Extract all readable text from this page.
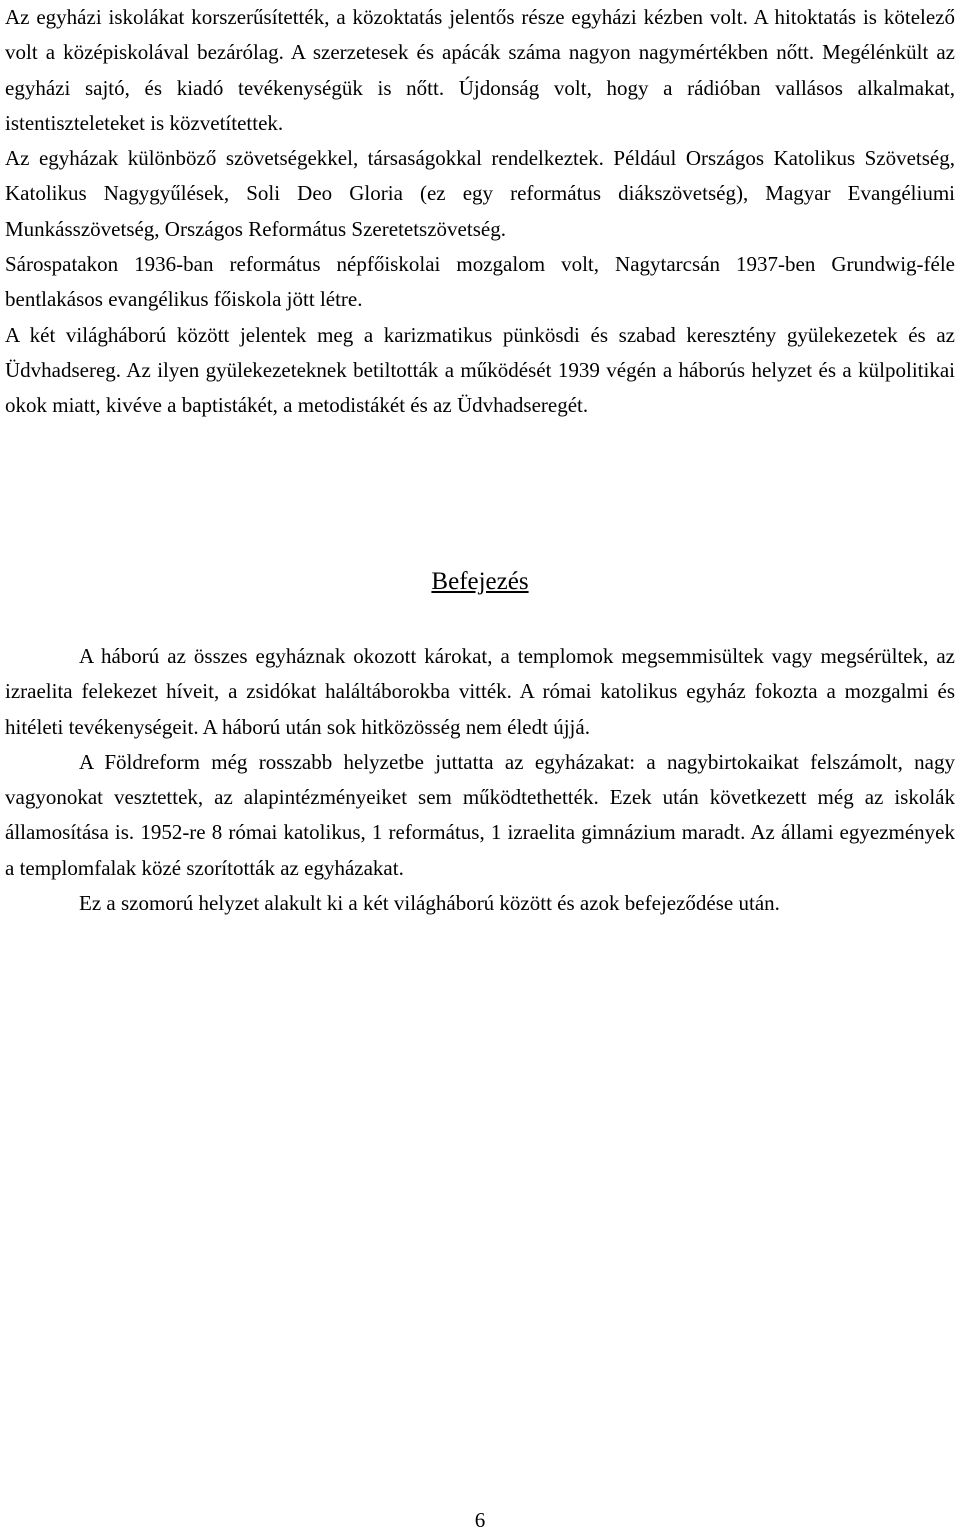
Az egyházi iskolákat korszerűsítették, a közoktatás jelentős része egyházi kézben volt. A hitoktatás is kötelező volt a középiskolával bezárólag. A szerzetesek és apácák száma nagyon nagymértékben nőtt. Megélénkült az egyházi sajtó, és kiadó tevékenységük is nőtt. Újdonság volt, hogy a rádióban vallásos alkalmakat, istentiszteleteket is közvetítettek.

Az egyházak különböző szövetségekkel, társaságokkal rendelkeztek. Például Országos Katolikus Szövetség, Katolikus Nagygyűlések, Soli Deo Gloria (ez egy református diákszövetség), Magyar Evangéliumi Munkásszövetség, Országos Református Szeretetszövetség.

Sárospatakon 1936-ban református népfőiskolai mozgalom volt, Nagytarcsán 1937-ben Grundwig-féle bentlakásos evangélikus főiskola jött létre.

A két világháború között jelentek meg a karizmatikus pünkösdi és szabad keresztény gyülekezetek és az Üdvhadsereg. Az ilyen gyülekezeteknek betiltották a működését 1939 végén a háborús helyzet és a külpolitikai okok miatt, kivéve a baptistákét, a metodistákét és az Üdvhadseregét.

Befejezés

A háború az összes egyháznak okozott károkat, a templomok megsemmisültek vagy megsérültek, az izraelita felekezet híveit, a zsidókat haláltáborokba vitték. A római katolikus egyház fokozta a mozgalmi és hitéleti tevékenységeit. A háború után sok hitközösség nem éledt újjá.

A Földreform még rosszabb helyzetbe juttatta az egyházakat: a nagybirtokaikat felszámolt, nagy vagyonokat vesztettek, az alapintézményeiket sem működtethették. Ezek után következett még az iskolák államosítása is. 1952-re 8 római katolikus, 1 református, 1 izraelita gimnázium maradt. Az állami egyezmények a templomfalak közé szorították az egyházakat.

Ez a szomorú helyzet alakult ki a két világháború között és azok befejeződése után.

6
